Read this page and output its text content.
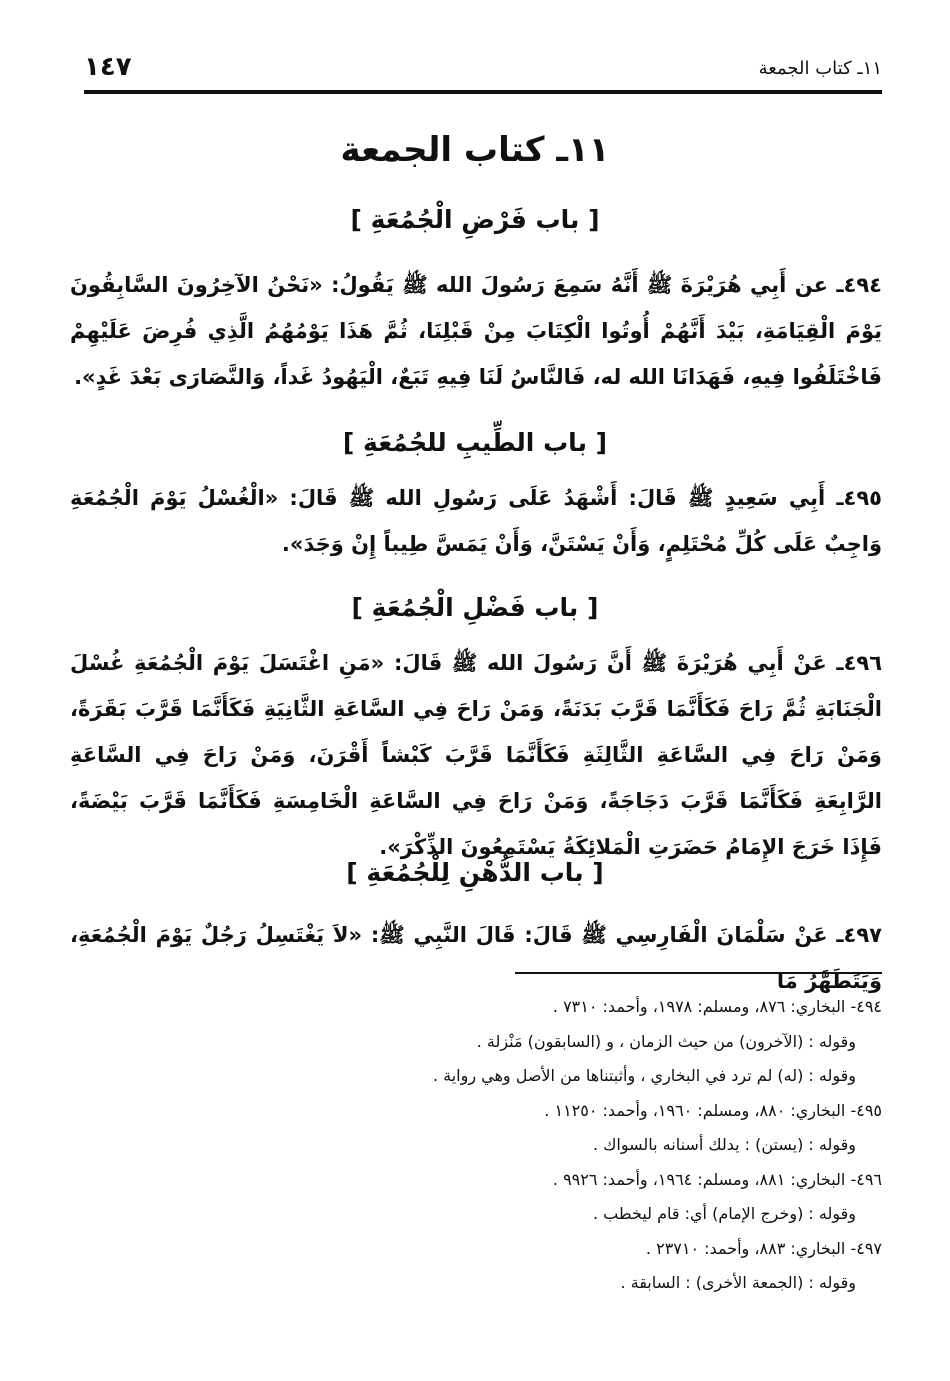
١٤٧	١١ـ كتاب الجمعة
١١ـ كتاب الجمعة
[ باب فَرْضِ الْجُمُعَةِ ]
٤٩٤ـ عن أَبِي هُرَيْرَةَ ﷺ أَنَّهُ سَمِعَ رَسُولَ الله ﷺ يَقُولُ: «نَحْنُ الآخِرُونَ السَّابِقُونَ يَوْمَ الْقِيَامَةِ، بَيْدَ أَنَّهُمْ أُوتُوا الْكِتَابَ مِنْ قَبْلِنَا، ثُمَّ هَذَا يَوْمُهُمُ الَّذِي فُرِضَ عَلَيْهِمْ فَاخْتَلَفُوا فِيهِ، فَهَدَانَا الله له، فَالنَّاسُ لَنَا فِيهِ تَبَعٌ، الْيَهُودُ غَداً، وَالنَّصَارَى بَعْدَ غَدٍ».
[ باب الطِّيبِ للجُمُعَةِ ]
٤٩٥ـ أَبِي سَعِيدٍ ﷺ قَالَ: أَشْهَدُ عَلَى رَسُولِ الله ﷺ قَالَ: «الْغُسْلُ يَوْمَ الْجُمُعَةِ وَاجِبٌ عَلَى كُلِّ مُحْتَلِمٍ، وَأَنْ يَسْتَنَّ، وَأَنْ يَمَسَّ طِيباً إِنْ وَجَدَ».
[ باب فَضْلِ الْجُمُعَةِ ]
٤٩٦ـ عَنْ أَبِي هُرَيْرَةَ ﷺ أَنَّ رَسُولَ الله ﷺ قَالَ: «مَنِ اغْتَسَلَ يَوْمَ الْجُمُعَةِ غُسْلَ الْجَنَابَةِ ثُمَّ رَاحَ فَكَأَنَّمَا قَرَّبَ بَدَنَةً، وَمَنْ رَاحَ فِي السَّاعَةِ الثَّانِيَةِ فَكَأَنَّمَا قَرَّبَ بَقَرَةً، وَمَنْ رَاحَ فِي السَّاعَةِ الثَّالِثَةِ فَكَأَنَّمَا قَرَّبَ كَبْشاً أَقْرَنَ، وَمَنْ رَاحَ فِي السَّاعَةِ الرَّابِعَةِ فَكَأَنَّمَا قَرَّبَ دَجَاجَةً، وَمَنْ رَاحَ فِي السَّاعَةِ الْخَامِسَةِ فَكَأَنَّمَا قَرَّبَ بَيْضَةً، فَإِذَا خَرَجَ الإِمَامُ حَضَرَتِ الْمَلائِكَةُ يَسْتَمِعُونَ الذِّكْرَ».
[ باب الدُّهْنِ لِلْجُمُعَةِ ]
٤٩٧ـ عَنْ سَلْمَانَ الْفَارِسِي ﷺ قَالَ: قَالَ النَّبِي ﷺ: «لاَ يَغْتَسِلُ رَجُلٌ يَوْمَ الْجُمُعَةِ، وَيَتَطَهَّرُ مَا
٤٩٤- البخاري: ٨٧٦، ومسلم: ١٩٧٨، وأحمد: ٧٣١٠ .
وقوله : (الآخرون) من حيث الزمان ، و (السابقون) مَنْزلة .
وقوله : (له) لم ترد في البخاري ، وأثبتناها من الأصل وهي رواية .
٤٩٥- البخاري: ٨٨٠، ومسلم: ١٩٦٠، وأحمد: ١١٢٥٠ .
وقوله : (يستن) : يدلك أسنانه بالسواك .
٤٩٦- البخاري: ٨٨١، ومسلم: ١٩٦٤، وأحمد: ٩٩٢٦ .
وقوله : (وخرج الإمام) أي: قام ليخطب .
٤٩٧- البخاري: ٨٨٣، وأحمد: ٢٣٧١٠ .
وقوله : (الجمعة الأخرى) : السابقة .
